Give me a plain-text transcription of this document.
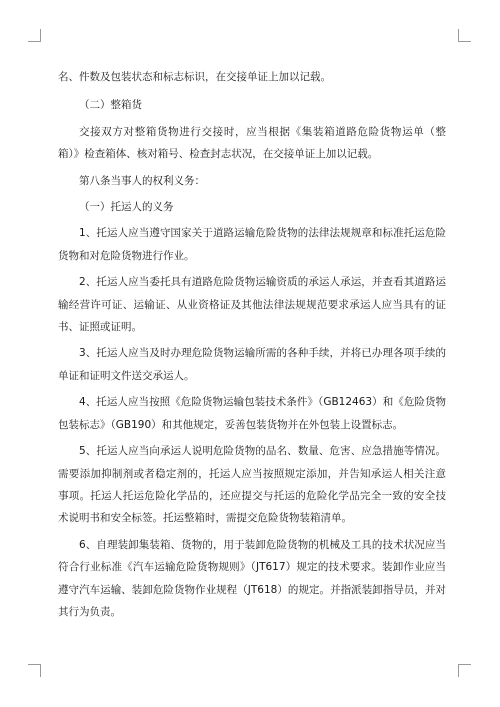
名、件数及包装状态和标志标识，在交接单证上加以记载。

（二）整箱货

交接双方对整箱货物进行交接时，应当根据《集装箱道路危险货物运单（整箱）》检查箱体、核对箱号、检查封志状况，在交接单证上加以记载。

第八条当事人的权利义务：

（一）托运人的义务

1、托运人应当遵守国家关于道路运输危险货物的法律法规规章和标准托运危险货物和对危险货物进行作业。

2、托运人应当委托具有道路危险货物运输资质的承运人承运，并查看其道路运输经营许可证、运输证、从业资格证及其他法律法规规范要求承运人应当具有的证书、证照或证明。

3、托运人应当及时办理危险货物运输所需的各种手续，并将已办理各项手续的单证和证明文件送交承运人。

4、托运人应当按照《危险货物运输包装技术条件》（GB12463）和《危险货物包装标志》（GB190）和其他规定，妥善包装货物并在外包装上设置标志。

5、托运人应当向承运人说明危险货物的品名、数量、危害、应急措施等情况。需要添加抑制剂或者稳定剂的，托运人应当按照规定添加，并告知承运人相关注意事项。托运人托运危险化学品的，还应提交与托运的危险化学品完全一致的安全技术说明书和安全标签。托运整箱时，需提交危险货物装箱清单。

6、自理装卸集装箱、货物的，用于装卸危险货物的机械及工具的技术状况应当符合行业标准《汽车运输危险货物规则》（JT617）规定的技术要求。装卸作业应当遵守汽车运输、装卸危险货物作业规程（JT618）的规定。并指派装卸指导员，并对其行为负责。
